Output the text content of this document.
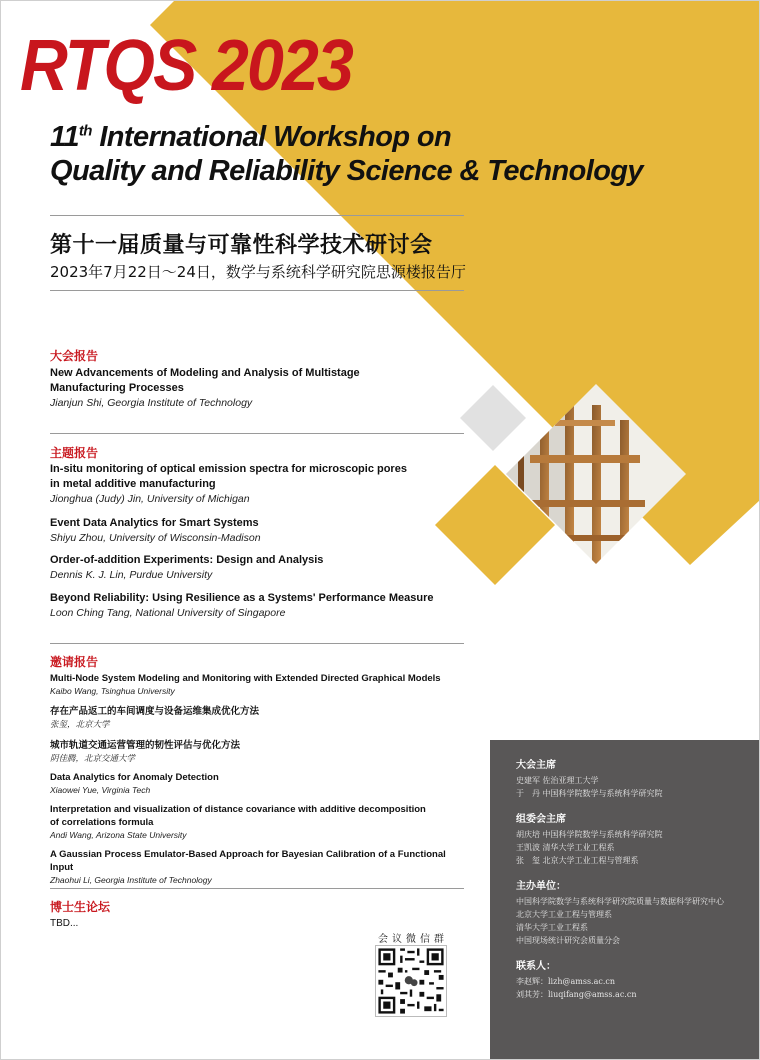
RTQS 2023
11th International Workshop on
Quality and Reliability Science & Technology
第十一届质量与可靠性科学技术研讨会
2023年7月22日～24日，数学与系统科学研究院思源楼报告厅
大会报告
New Advancements of Modeling and Analysis of Multistage
Manufacturing Processes
Jianjun Shi, Georgia Institute of Technology
主题报告
In-situ monitoring of optical emission spectra for microscopic pores
in metal additive manufacturing
Jionghua (Judy) Jin, University of Michigan
Event Data Analytics for Smart Systems
Shiyu Zhou, University of Wisconsin-Madison
Order-of-addition Experiments: Design and Analysis
Dennis K. J. Lin, Purdue University
Beyond Reliability: Using Resilience as a Systems' Performance Measure
Loon Ching Tang, National University of Singapore
邀请报告
Multi-Node System Modeling and Monitoring with Extended Directed Graphical Models
Kaibo Wang, Tsinghua University
存在产品返工的车间调度与设备运维集成优化方法
张玺，北京大学
城市轨道交通运营管理的韧性评估与优化方法
阴佳腾，北京交通大学
Data Analytics for Anomaly Detection
Xiaowei Yue, Virginia Tech
Interpretation and visualization of distance covariance with additive decomposition
of correlations formula
Andi Wang, Arizona State University
A Gaussian Process Emulator-Based Approach for Bayesian Calibration of a Functional Input
Zhaohui Li, Georgia Institute of Technology
博士生论坛
TBD...
会议微信群
大会主席
史建军 佐治亚理工大学
于　丹 中国科学院数学与系统科学研究院
组委会主席
胡庆培 中国科学院数学与系统科学研究院
王凯波 清华大学工业工程系
张　玺 北京大学工业工程与管理系
主办单位：
中国科学院数学与系统科学研究院质量与数据科学研究中心
北京大学工业工程与管理系
清华大学工业工程系
中国现场统计研究会质量分会
联系人：
李赵辉：lizh@amss.ac.cn
刘其芳：liuqifang@amss.ac.cn
